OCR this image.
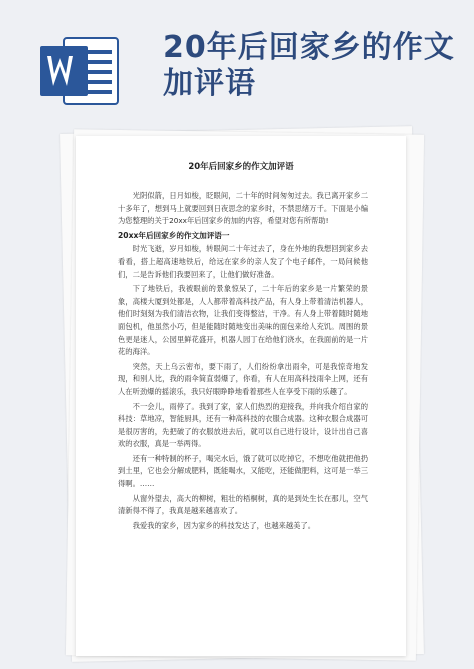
20年后回家乡的作文加评语
20年后回家乡的作文加评语

光阴似箭，日月如梭，眨眼间，二十年的时间匆匆过去。我已离开家乡二十多年了，想到马上就要回到日夜思念的家乡时，不禁思绪万千。下面是小编为您整理的关于20xx年后回家乡的加的内容，希望对您有所帮助!

20xx年后回家乡的作文加评语一

时光飞逝，岁月如梭，转眼间二十年过去了，身在外地的我想回到家乡去看看，搭上超高速地铁后，给远在家乡的亲人发了个电子邮件，一局问候他们，二是告诉他们我要回来了，让他们做好准备。

下了地铁后，我被眼前的景象惊呆了，二十年后的家乡是一片繁荣的景象，高楼大厦到处都是，人人都带着高科技产品，有人身上带着清洁机器人，他们时刻刻为我们清洁衣物，让我们变得整洁，干净。有人身上带着随时随地面包机，他虽然小巧，但是能随时随地变出美味的面包来给人充饥。周围的景色更是迷人，公园里鲜花盛开，机器人园丁在给他们浇水，在我面前的是一片花的海洋。

突然，天上乌云密布，要下雨了，人们纷纷拿出雨伞，可是我惊奇地发现，和别人比，我的雨伞简直弱爆了，你看，有人在用高科技雨伞上网，还有人在听劲爆的摇滚乐，我只好眼睁睁地看着那些人在享受下雨的乐趣了。

不一会儿，雨停了。我到了家，家人们热烈的迎接我，并向我介绍自家的科技：草地凉，智能厨具，还有一种高科技的衣服合成器。这种衣服合成器可是很厉害的，先把破了的衣服放进去后，就可以自己进行设计，设计出自己喜欢的衣服，真是一举两得。

还有一种特制的杯子，喝完水后，饿了就可以吃掉它，不想吃他就把他扔到土里，它也会分解成肥料，既能喝水，又能吃，还能做肥料，这可是一举三得啊。……

从窗外望去，高大的柳树，粗壮的梧桐树，真的是到处生长在那儿，空气清新得不得了，我真是越来越喜欢了。

我爱我的家乡，因为家乡的科技发达了，也越来越美了。
